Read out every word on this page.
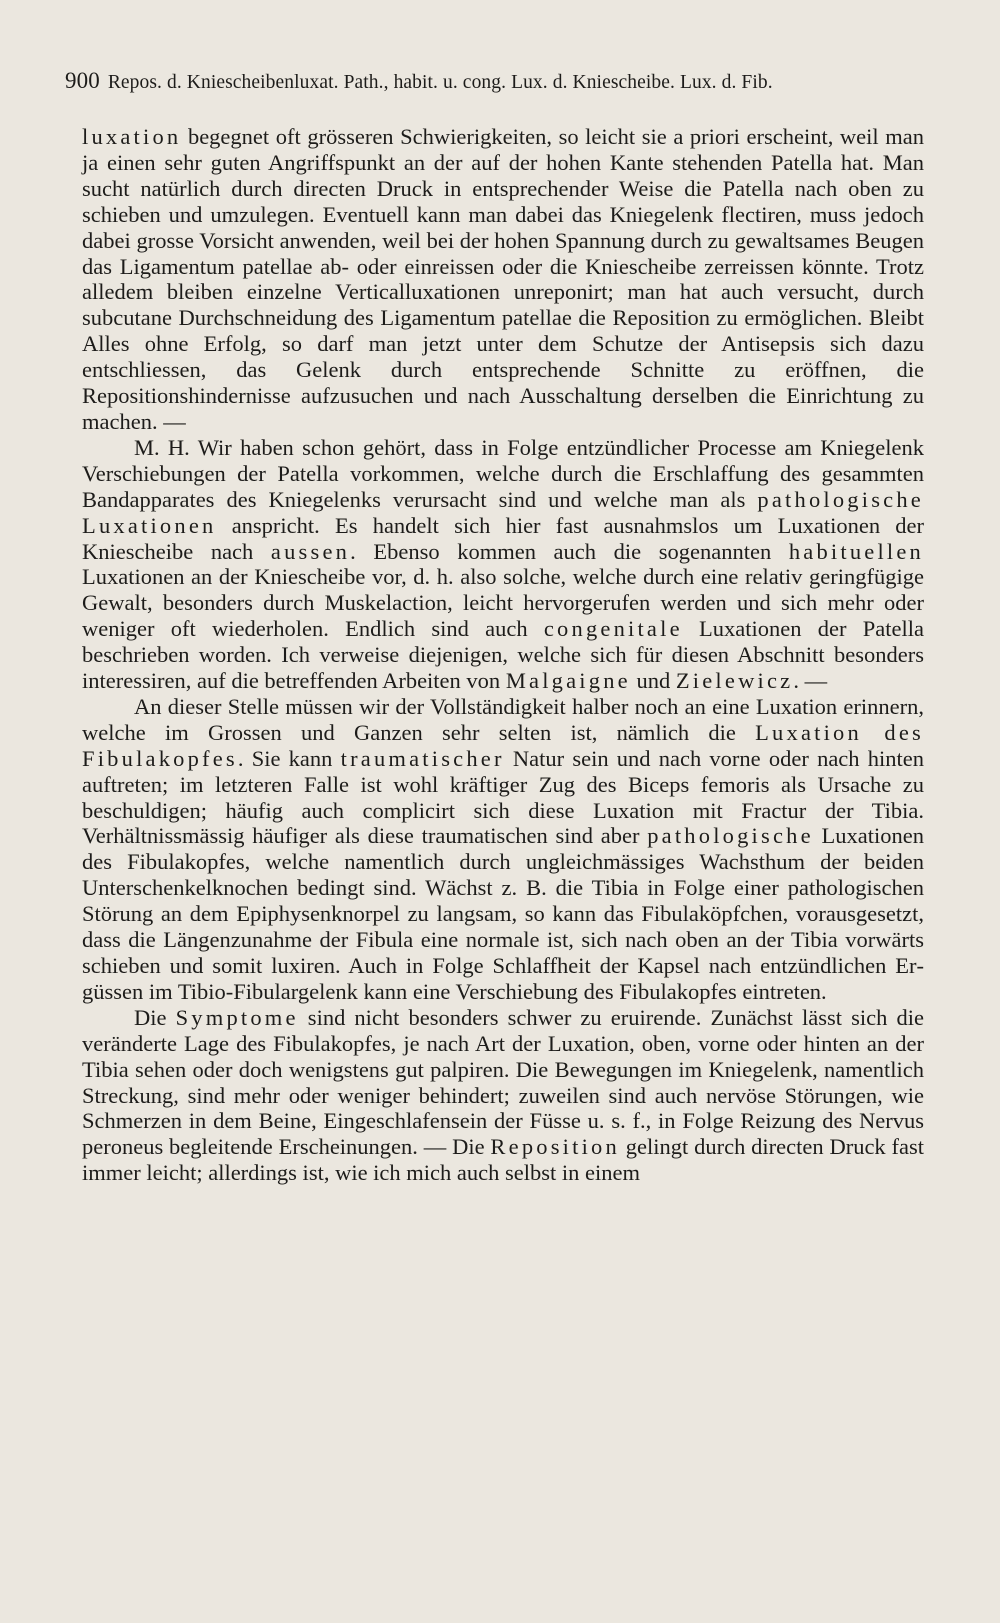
900 Repos. d. Kniescheibenluxat. Path., habit. u. cong. Lux. d. Kniescheibe. Lux. d. Fib.

luxation begegnet oft grösseren Schwierigkeiten, so leicht sie a priori erscheint, weil man ja einen sehr guten Angriffspunkt an der auf der hohen Kante stehenden Patella hat. Man sucht natürlich durch directen Druck in entsprechender Weise die Patella nach oben zu schieben und umzulegen. Eventuell kann man dabei das Kniegelenk flectiren, muss jedoch dabei grosse Vorsicht anwenden, weil bei der hohen Spannung durch zu gewaltsames Beugen das Ligamentum patellae ab- oder einreissen oder die Kniescheibe zerreissen könnte. Trotz alledem bleiben einzelne Verticalluxationen unreponirt; man hat auch versucht, durch subcutane Durchschneidung des Ligamentum patellae die Reposition zu ermöglichen. Bleibt Alles ohne Erfolg, so darf man jetzt unter dem Schutze der Antisepsis sich dazu entschliessen, das Gelenk durch entsprechende Schnitte zu eröffnen, die Repositionshindernisse aufzusuchen und nach Ausschaltung derselben die Einrichtung zu machen. —

M. H. Wir haben schon gehört, dass in Folge entzündlicher Processe am Kniegelenk Verschiebungen der Patella vorkommen, welche durch die Erschlaffung des gesammten Bandapparates des Kniegelenks verursacht sind und welche man als pathologische Luxationen anspricht. Es handelt sich hier fast ausnahmslos um Luxationen der Kniescheibe nach aussen. Ebenso kommen auch die sogenannten habituellen Luxationen an der Kniescheibe vor, d. h. also solche, welche durch eine relativ geringfügige Gewalt, besonders durch Muskelaction, leicht hervorgerufen werden und sich mehr oder weniger oft wiederholen. Endlich sind auch congenitale Luxationen der Patella beschrieben worden. Ich verweise diejenigen, welche sich für diesen Abschnitt besonders interessiren, auf die betreffenden Arbeiten von Malgaigne und Zielewicz. —

An dieser Stelle müssen wir der Vollständigkeit halber noch an eine Luxation erinnern, welche im Grossen und Ganzen sehr selten ist, nämlich die Luxation des Fibulakopfes. Sie kann traumatischer Natur sein und nach vorne oder nach hinten auftreten; im letzteren Falle ist wohl kräftiger Zug des Biceps femoris als Ursache zu beschuldigen; häufig auch complicirt sich diese Luxation mit Fractur der Tibia. Verhältnissmässig häufiger als diese traumatischen sind aber pathologische Luxationen des Fibulakopfes, welche namentlich durch ungleichmässiges Wachsthum der beiden Unterschenkelknochen bedingt sind. Wächst z. B. die Tibia in Folge einer pathologischen Störung an dem Epiphysenknorpel zu langsam, so kann das Fibulaköpfchen, vorausgesetzt, dass die Längenzunahme der Fibula eine normale ist, sich nach oben an der Tibia vorwärts schieben und somit luxiren. Auch in Folge Schlaffheit der Kapsel nach entzündlichen Ergüssen im Tibio-Fibulargelenk kann eine Verschiebung des Fibulakopfes eintreten.

Die Symptome sind nicht besonders schwer zu eruirende. Zunächst lässt sich die veränderte Lage des Fibulakopfes, je nach Art der Luxation, oben, vorne oder hinten an der Tibia sehen oder doch wenigstens gut palpiren. Die Bewegungen im Kniegelenk, namentlich Streckung, sind mehr oder weniger behindert; zuweilen sind auch nervöse Störungen, wie Schmerzen in dem Beine, Eingeschlafensein der Füsse u. s. f., in Folge Reizung des Nervus peroneus begleitende Erscheinungen. — Die Reposition gelingt durch directen Druck fast immer leicht; allerdings ist, wie ich mich auch selbst in einem
